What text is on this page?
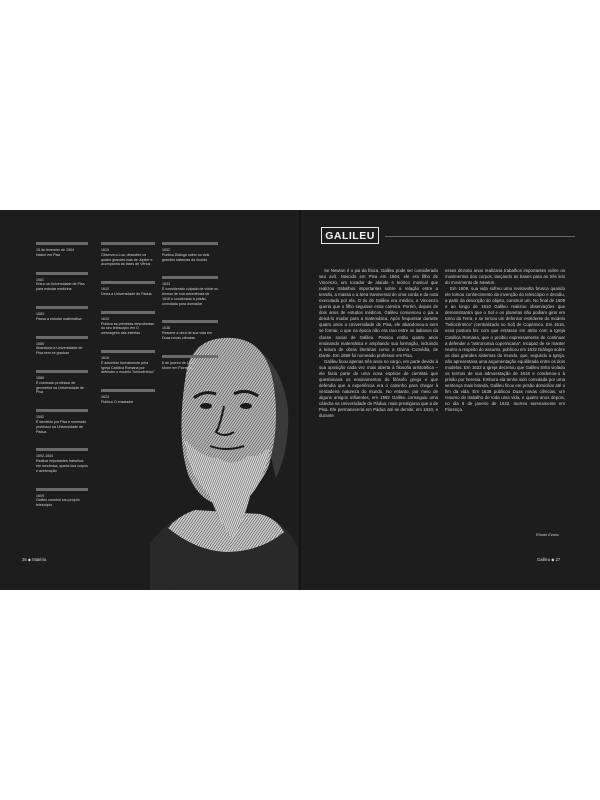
15 de fevereiro de 1564
Nasce em Pisa
1581
Entra na Universidade de Pisa para estudar medicina
1583
Passa a estudar matemática
1585
Abandona a Universidade de Pisa sem se graduar
1589
É nomeado professor de geometria na Universidade de Pisa
1592
É demitido por Pisa e nomeado professor na Universidade de Pádua
1592-1604
Realiza importantes trabalhos em mecânica, queda dos corpos e aceleração
1609
Galileu constrói seu próprio telescópio
1610
Observa a Lua, descobre os quatro grandes luas de Júpiter e acompanha as fases de Vênus
1610
Deixa a Universidade de Pádua
1610
Publica as primeiras descobertas do seu telescópio em O mensageiro das estrelas
1616
É advertido formalmente pela Igreja Católica Romana por defender o modelo "heliocêntrico"
1623
Publica O ensaiador
1632
Publica Diálogo sobre os dois grandes sistemas do mundo
1633
É considerado culpado de violar os termos de sua advertência de 1616 e condenado à prisão, comutada para domiciliar
1638
Resume a obra de sua vida em Duas novas ciências
8 de janeiro de 1642
Morre em Florença
26 ◆ Matéria
GALILEU

Se Newton é o pai da física, Galileu pode ser considerado seu avô. Nascido em Pisa em 1564, ele era filho de Vincenzo, um tocador de alaúde e teórico musical que realizou trabalhos importantes sobre a relação entre a tensão, a massa e a área transversal de uma corda e da nota executada por ela. O tio de Galileu era médico, e Vincenzo queria que o filho seguisse essa carreira. Porém, depois de dois anos de estudos médicos, Galileu convenceu o pai a deixá-lo mudar para a matemática. Após frequentar durante quatro anos a Universidade de Pisa, ele abandonou-a sem se formar, o que na época não era raro entre os italianos da classe social de Galileu. Passou então quatro anos ensinando matemática e ampliando sua formação, incluindo a leitura de obras literárias como a Divina Comédia, de Dante. Em 1589 foi nomeado professor em Pisa.

Galileu ficou apenas três anos no cargo, em parte devido à sua oposição cada vez mais aberta à filosofia aristotélica – ele fazia parte de uma nova espécie de cientista que questionava os ensinamentos do filósofo grego e que defendia que a experiência era o caminho para chegar à verdadeira natureza do mundo. No entanto, por meio de alguns amigos influentes, em 1592 Galileu conseguiu uma cátedra na Universidade de Pádua, mais prestigiosa que a de Pisa. Ele permaneceria em Pádua até se demitir, em 1610, e durante

esses dezoito anos realizaria trabalhos importantes sobre os movimentos dos corpos, lançando as bases para as três leis do movimento de Newton.

Em 1609, sua vida sofreu uma reviravolta brusca quando ele tomou conhecimento da invenção do telescópio e decidiu, a partir da descrição do objeto, construir um. No final de 1609 e ao longo de 1610 Galileu realizou observações que demonstraram que o Sol e os planetas não podiam girar em torno da Terra, e se tornou um defensor estridente do modelo "heliocêntrico" (centralizado no Sol) de Copérnico. Em 1616, essa postura fez com que entrasse em atrito com a Igreja Católica Romana, que o proibiu expressamente de continuar a defender a "astronomia copernicana". Incapaz de se manter neutro a respeito do assunto, publicou em 1632 Diálogo sobre os dois grandes sistemas do mundo, que, segundo a Igreja, não apresentava uma argumentação equilibrada entre os dois modelos. Em 1633 a Igreja decretou que Galileu tinha violado os termos de sua admoestação de 1616 e condenou-o à prisão por heresia. Embora ela tenha sido comutada por uma sentença mais branda, Galileu ficou em prisão domiciliar até o fim da vida. Em 1638 publicou Duas novas ciências, um resumo do trabalho de toda uma vida, e quatro anos depois, no dia 8 de janeiro de 1642, morreu serenamente em Florença.

Rhodri Evans
Galileu ◆ 27
